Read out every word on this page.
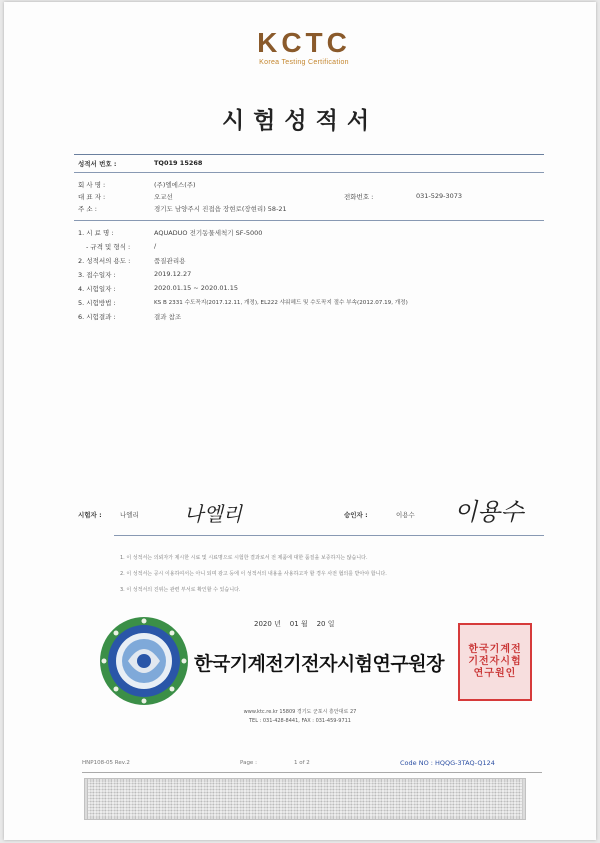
KCTC
Korea Testing Certification
시험성적서
성적서 번호 :	TQ019 15268
회 사 명 :	(주)엘에스(주)
대 표 자 :	오교선	전화번호 :	031-529-3073
주 소 :	경기도 남양주시 진접읍 장현로(장현리) 58-21
1. 시 료 명 :	AQUADUO 전기동물세척기 SF-5000
- 규격 및 형식 :	/
2. 성적서의 용도 :	품질관리용
3. 접수일자 :	2019.12.27
4. 시험일자 :	2020.01.15 ~ 2020.01.15
5. 시험방법 :	KS B 2331 수도꼭지(2017.12.11, 개정), EL222 샤워헤드 및 수도꼭지 절수 부속(2012.07.19, 개정)
6. 시험결과 :	결과 참조
시험자 :	나엘리 나엘리	승인자 :	이용수 이용수
1. 이 성적서는 의뢰자가 제시한 시료 및 시료명으로 시험한 결과로서 전 제품에 대한 품질을 보증하지는 않습니다.
2. 이 성적서는 공시 이용하여서는 아니 되며 광고 등에 이 성적서의 내용을 사용하고자 할 경우 사전 협의를 받아야 합니다.
3. 이 성적서의 진위는 관련 부서로 확인할 수 있습니다.
2020 년 01 월 20 일
한국기계전기전자시험연구원장
한국기계전기전자시험연구원인
www.ktc.re.kr 15809 경기도 군포시 흥안대로 27
TEL : 031-428-8441, FAX : 031-459-9711
HNP108-05 Rev.2	Page :	1 of 2	Code NO : HQQG-3TAQ-Q124
